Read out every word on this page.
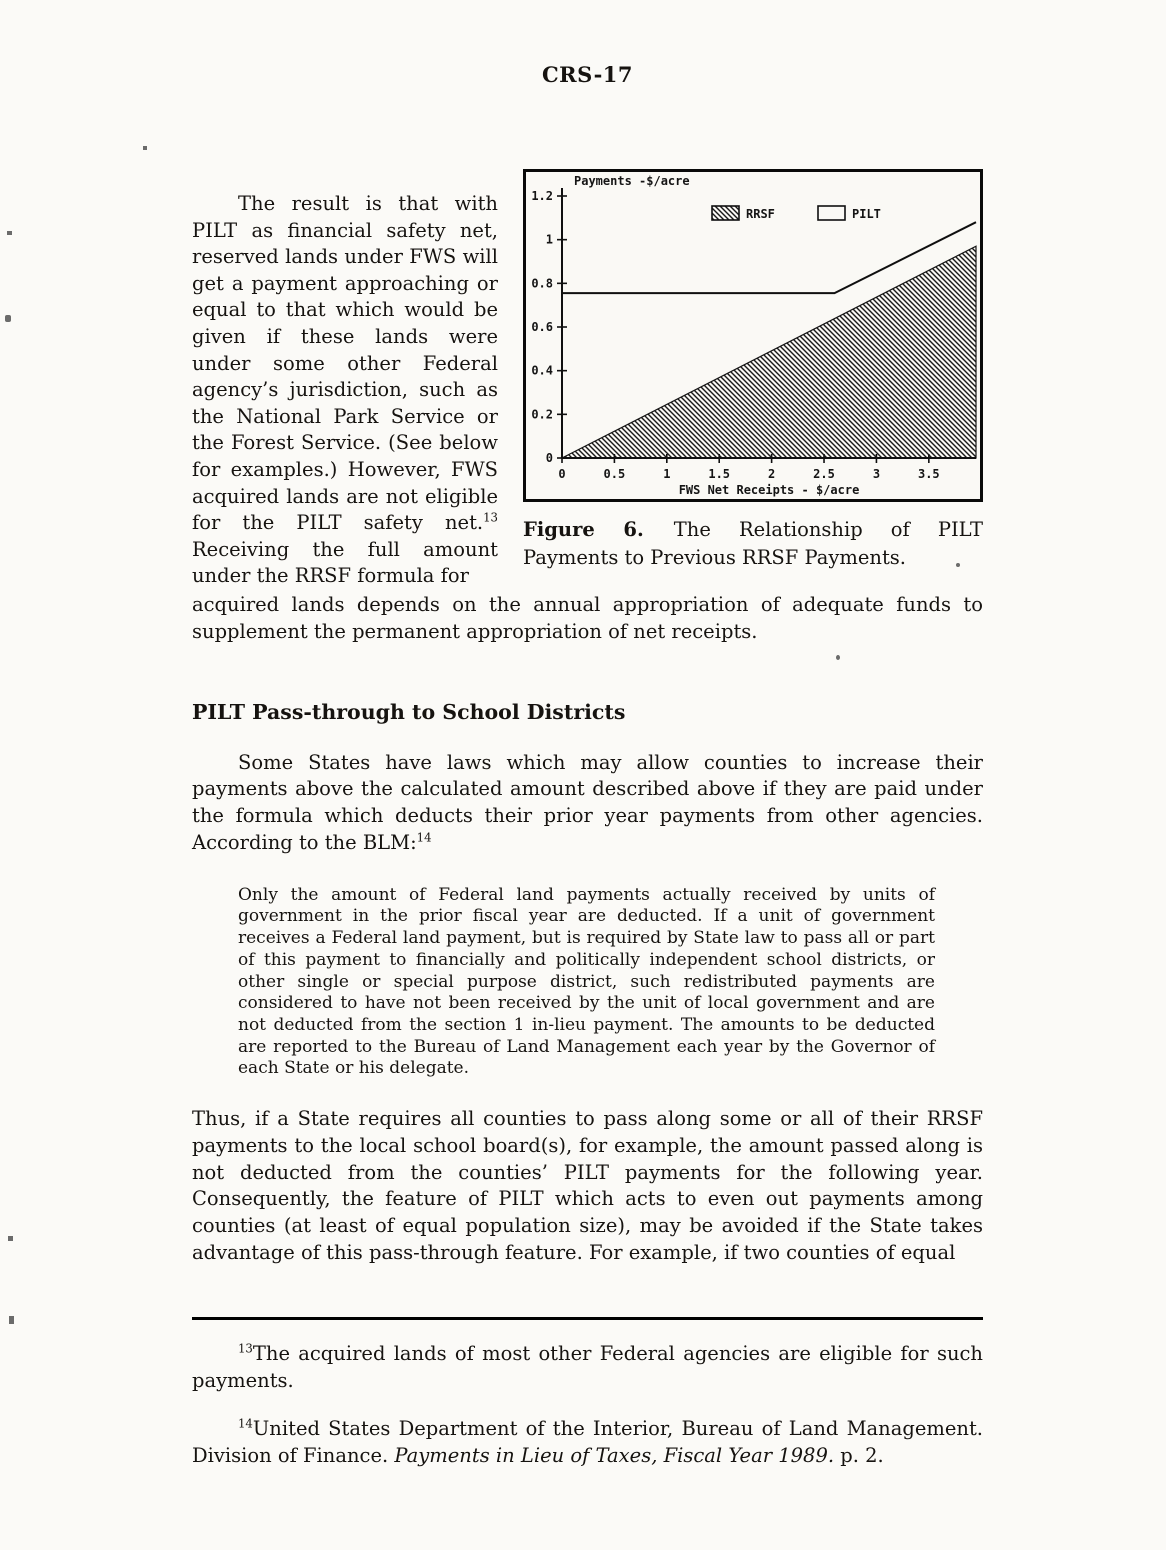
CRS-17
The result is that with PILT as financial safety net, reserved lands under FWS will get a payment approaching or equal to that which would be given if these lands were under some other Federal agency’s jurisdiction, such as the National Park Service or the Forest Service. (See below for examples.) However, FWS acquired lands are not eligible for the PILT safety net.$^{13}$ Receiving the full amount under the RRSF formula for
0
0.2
0.4
0.6
0.8
1
1.2
0	0.5	1	1.5	2	2.5	3	3.5
Payments -$/acre
FWS Net Receipts - $/acre
RRSF	PILT
Figure 6. The Relationship of PILT Payments to Previous RRSF Payments.

acquired lands depends on the annual appropriation of adequate funds to supplement the permanent appropriation of net receipts.

PILT Pass-through to School Districts

Some States have laws which may allow counties to increase their payments above the calculated amount described above if they are paid under the formula which deducts their prior year payments from other agencies. According to the BLM:$^{14}$

Only the amount of Federal land payments actually received by units of government in the prior fiscal year are deducted. If a unit of government receives a Federal land payment, but is required by State law to pass all or part of this payment to financially and politically independent school districts, or other single or special purpose district, such redistributed payments are considered to have not been received by the unit of local government and are not deducted from the section 1 in-lieu payment. The amounts to be deducted are reported to the Bureau of Land Management each year by the Governor of each State or his delegate.

Thus, if a State requires all counties to pass along some or all of their RRSF payments to the local school board(s), for example, the amount passed along is not deducted from the counties’ PILT payments for the following year. Consequently, the feature of PILT which acts to even out payments among counties (at least of equal population size), may be avoided if the State takes advantage of this pass-through feature. For example, if two counties of equal

$^{13}$The acquired lands of most other Federal agencies are eligible for such payments.

$^{14}$United States Department of the Interior, Bureau of Land Management. Division of Finance. Payments in Lieu of Taxes, Fiscal Year 1989. p. 2.
